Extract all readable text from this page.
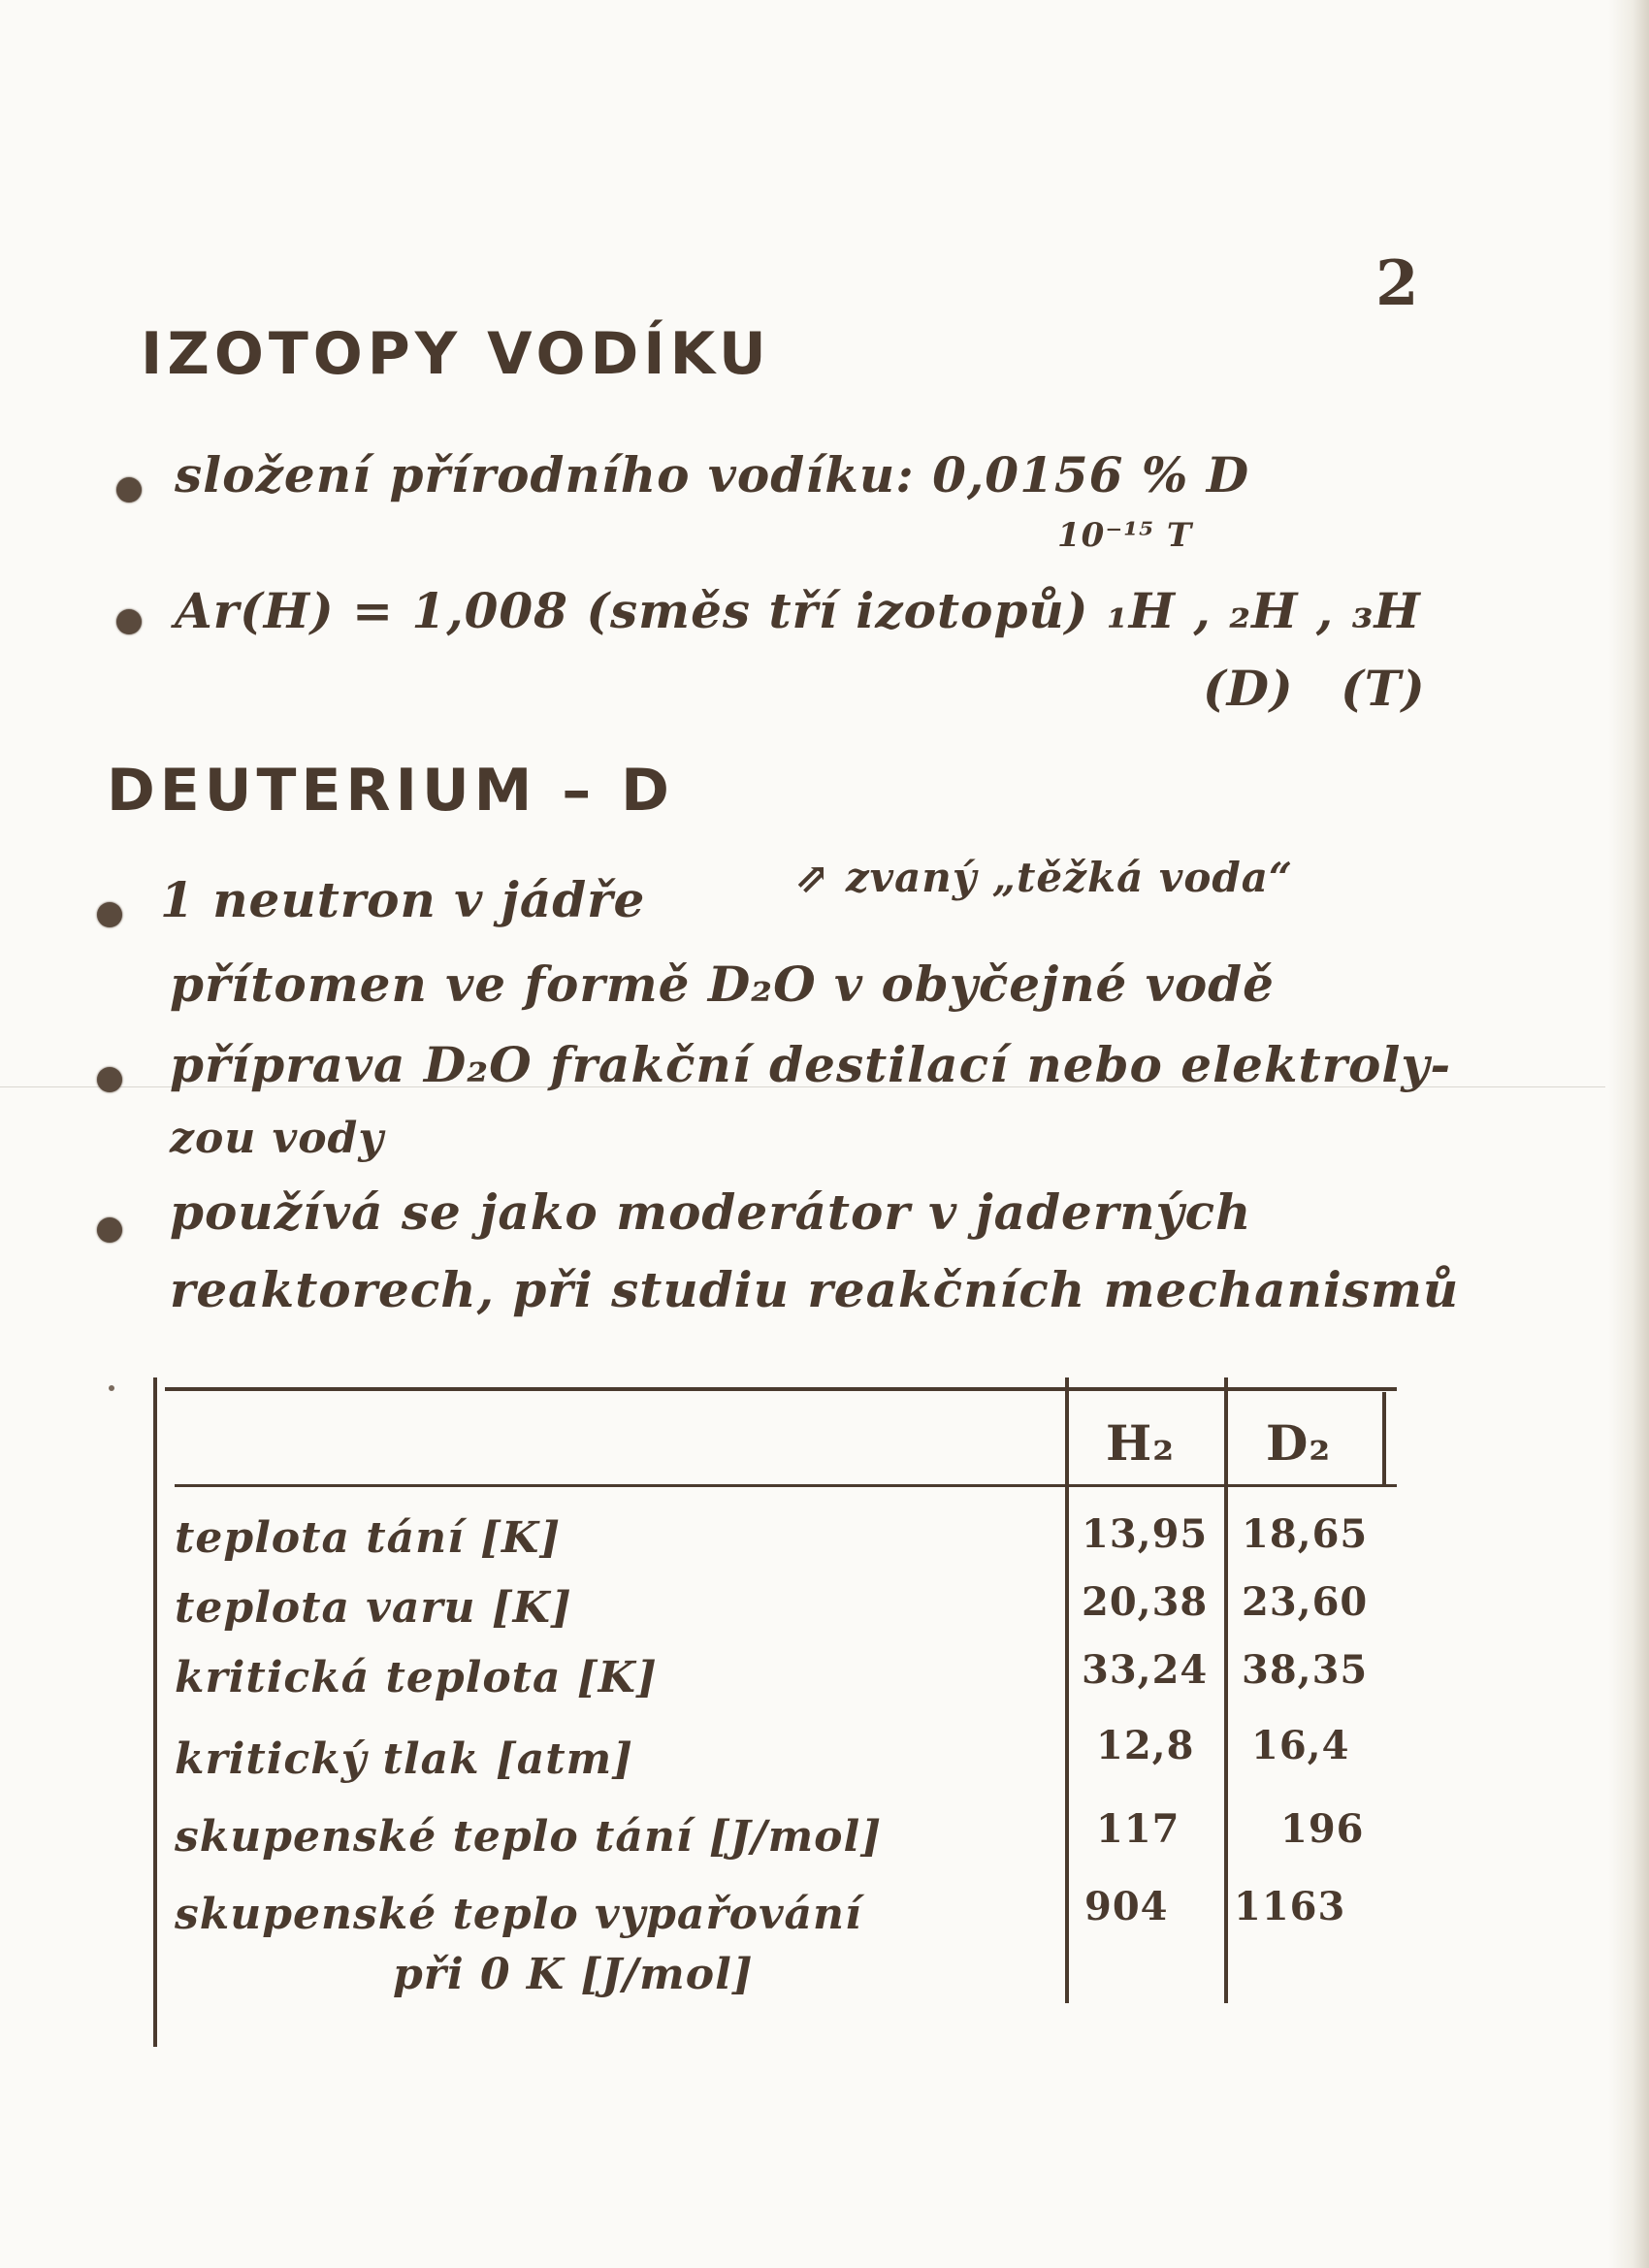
2
IZOTOPY VODÍKU
složení přírodního vodíku: 0,0156 % D
10⁻¹⁵ T
Ar(H) = 1,008 (směs tří izotopů) ₁H , ₂H , ₃H
(D) (T)
DEUTERIUM – D
1 neutron v jádře	⇗ zvaný „těžká voda“
přítomen ve formě D₂O v obyčejné vodě
příprava D₂O frakční destilací nebo elektroly-
zou vody
používá se jako moderátor v jaderných
reaktorech, při studiu reakčních mechanismů
H₂ D₂
teplota tání [K]	13,95 18,65
teplota varu [K]	20,38 23,60
kritická teplota [K]	33,24 38,35
kritický tlak [atm]	12,8 16,4
skupenské teplo tání [J/mol]	117	196
skupenské teplo vypařování	904 1163
při 0 K [J/mol]
